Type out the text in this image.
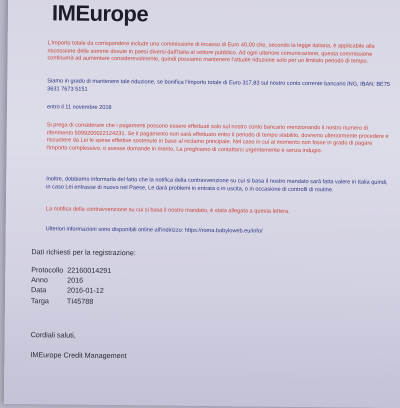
IMEurope
L'importo totale da corrispondere include una commissione di incasso di Euro 40,00 che, secondo la legge italiana, è applicabile alla riscossione delle somme dovute in paesi diversi dall'Italia al settore pubblico. Ad ogni ulteriore comunicazione, questa commissione continuerà ad aumentare considerevolmente, quindi possiamo mantenere l'attuale riduzione solo per un limitato periodo di tempo.
Siamo in grado di mantenere tale riduzione, se bonifica l'importo totale di Euro 317,83 sul nostro conto corrente bancario ING, IBAN: BE75 3631 7673 5151
entro il 11 novembre 2018
Si prega di considerare che i pagamenti possono essere effettuati solo sul nostro conto bancario menzionando il nostro numero di riferimento 5999200022124231. Se il pagamento non sarà effettuato entro il periodo di tempo stabilito, dovremo ulteriormente procedere e riscuotere da Lei le spese effettive sostenute in base al reclamo principale. Nel caso in cui al momento non fosse in grado di pagare l'importo complessivo, o avesse domande in merito, La preghiamo di contattarci urgentemente e senza indugio.
Inoltre, dobbiamo informarla del fatto che la notifica della contravvenzione su cui si basa il nostro mandato sarà fatta valere in Italia quindi, in caso Lei entrasse di nuovo nel Paese, Le darà problemi in entrata o in uscita, o in occasione di controlli di routine.
La notifica della contravvenzione su cui si basa il nostro mandato, è stata allegata a questa lettera.
Ulteriori informazioni sono disponibili online all'indirizzo: https://roma.babyloweb.eu/info/
Dati richiesti per la registrazione:
Protocollo 22160014291
Anno	2016
Data	2016-01-12
Targa TI45788
Cordiali saluti,
IMEurope Credit Management
